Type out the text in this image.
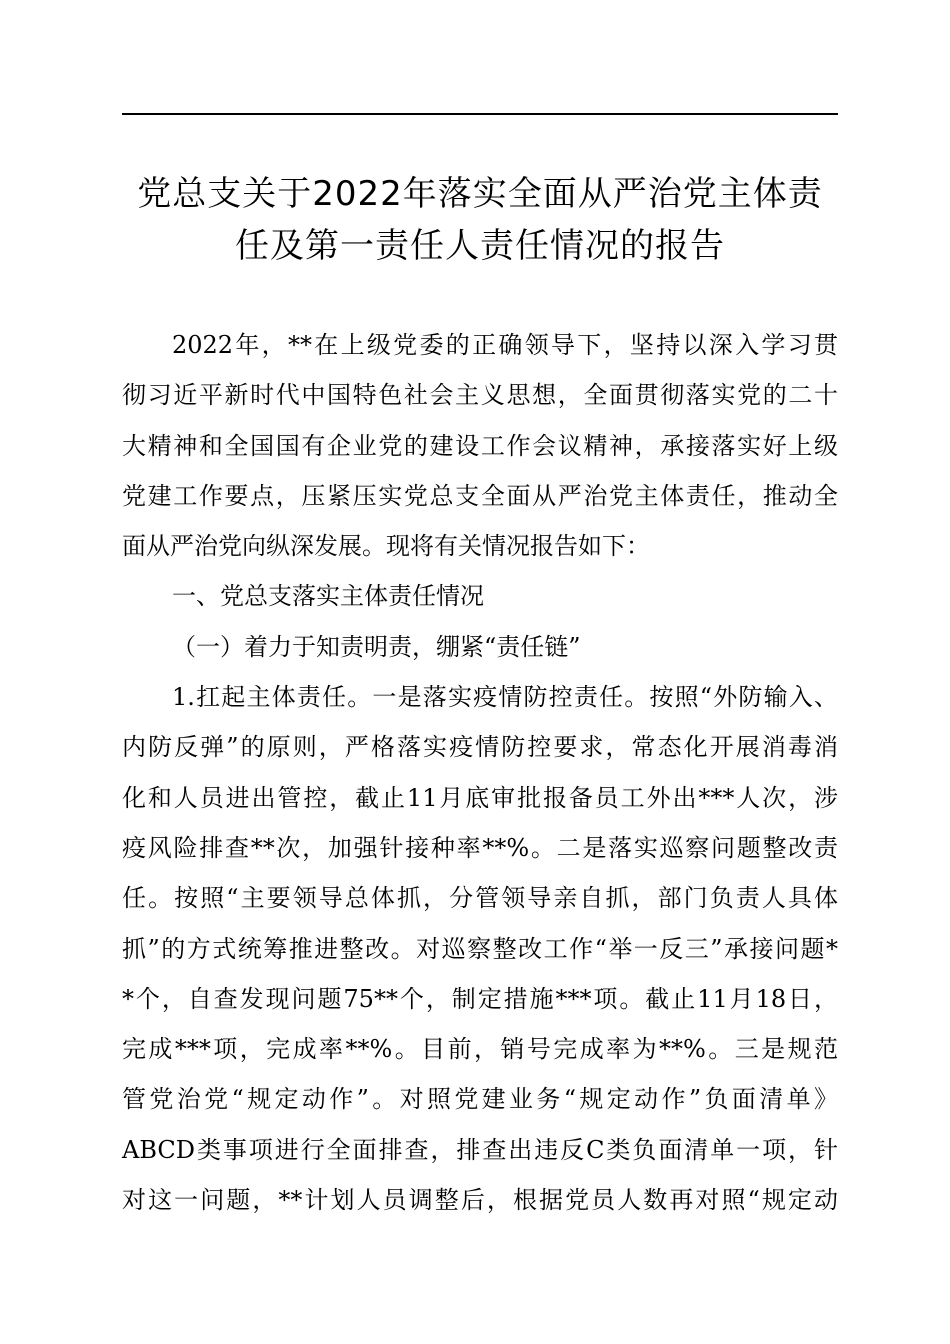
党总支关于2022年落实全面从严治党主体责
任及第一责任人责任情况的报告
2022年，**在上级党委的正确领导下，坚持以深入学习贯
彻习近平新时代中国特色社会主义思想，全面贯彻落实党的二十
大精神和全国国有企业党的建设工作会议精神，承接落实好上级
党建工作要点，压紧压实党总支全面从严治党主体责任，推动全
面从严治党向纵深发展。现将有关情况报告如下：
一、党总支落实主体责任情况
（一）着力于知责明责，绷紧“责任链”
1.扛起主体责任。一是落实疫情防控责任。按照“外防输入、
内防反弹”的原则，严格落实疫情防控要求，常态化开展消毒消
化和人员进出管控，截止11月底审批报备员工外出***人次，涉
疫风险排查**次，加强针接种率**%。二是落实巡察问题整改责
任。按照“主要领导总体抓，分管领导亲自抓，部门负责人具体
抓”的方式统筹推进整改。对巡察整改工作“举一反三”承接问题*
*个，自查发现问题75**个，制定措施***项。截止11月18日，
完成***项，完成率**%。目前，销号完成率为**%。三是规范
管党治党“规定动作”。对照党建业务“规定动作”负面清单》
ABCD类事项进行全面排查，排查出违反C类负面清单一项，针
对这一问题，**计划人员调整后，根据党员人数再对照“规定动
